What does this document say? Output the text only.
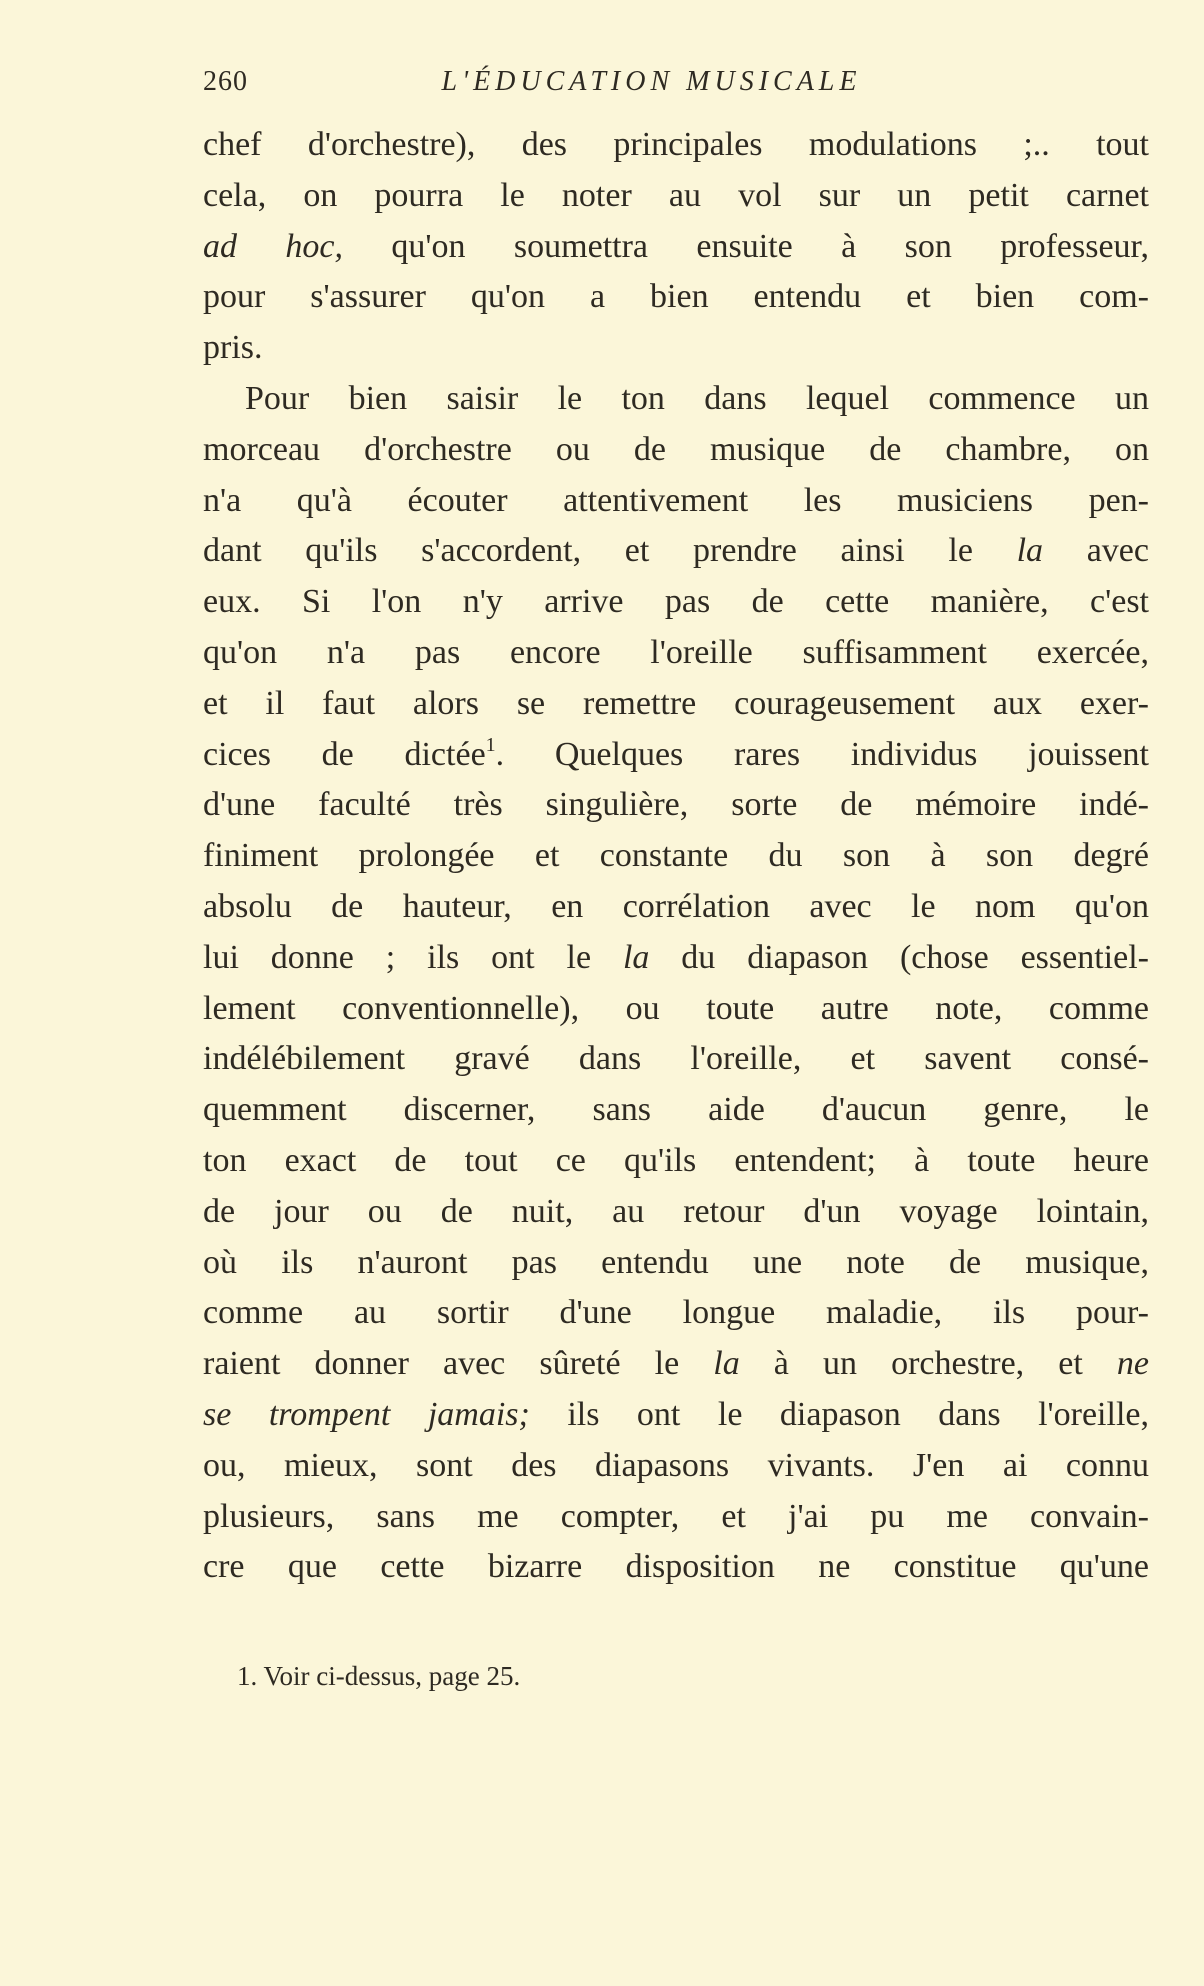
260	L'ÉDUCATION MUSICALE
chef d'orchestre), des principales modulations ;.. tout
cela, on pourra le noter au vol sur un petit carnet
ad hoc, qu'on soumettra ensuite à son professeur,
pour s'assurer qu'on a bien entendu et bien com-
pris.
Pour bien saisir le ton dans lequel commence un
morceau d'orchestre ou de musique de chambre, on
n'a qu'à écouter attentivement les musiciens pen-
dant qu'ils s'accordent, et prendre ainsi le la avec
eux. Si l'on n'y arrive pas de cette manière, c'est
qu'on n'a pas encore l'oreille suffisamment exercée,
et il faut alors se remettre courageusement aux exer-
cices de dictée$^1$. Quelques rares individus jouissent
d'une faculté très singulière, sorte de mémoire indé-
finiment prolongée et constante du son à son degré
absolu de hauteur, en corrélation avec le nom qu'on
lui donne ; ils ont le la du diapason (chose essentiel-
lement conventionnelle), ou toute autre note, comme
indélébilement gravé dans l'oreille, et savent consé-
quemment discerner, sans aide d'aucun genre, le
ton exact de tout ce qu'ils entendent; à toute heure
de jour ou de nuit, au retour d'un voyage lointain,
où ils n'auront pas entendu une note de musique,
comme au sortir d'une longue maladie, ils pour-
raient donner avec sûreté le la à un orchestre, et ne
se trompent jamais; ils ont le diapason dans l'oreille,
ou, mieux, sont des diapasons vivants. J'en ai connu
plusieurs, sans me compter, et j'ai pu me convain-
cre que cette bizarre disposition ne constitue qu'une
1. Voir ci-dessus, page 25.
